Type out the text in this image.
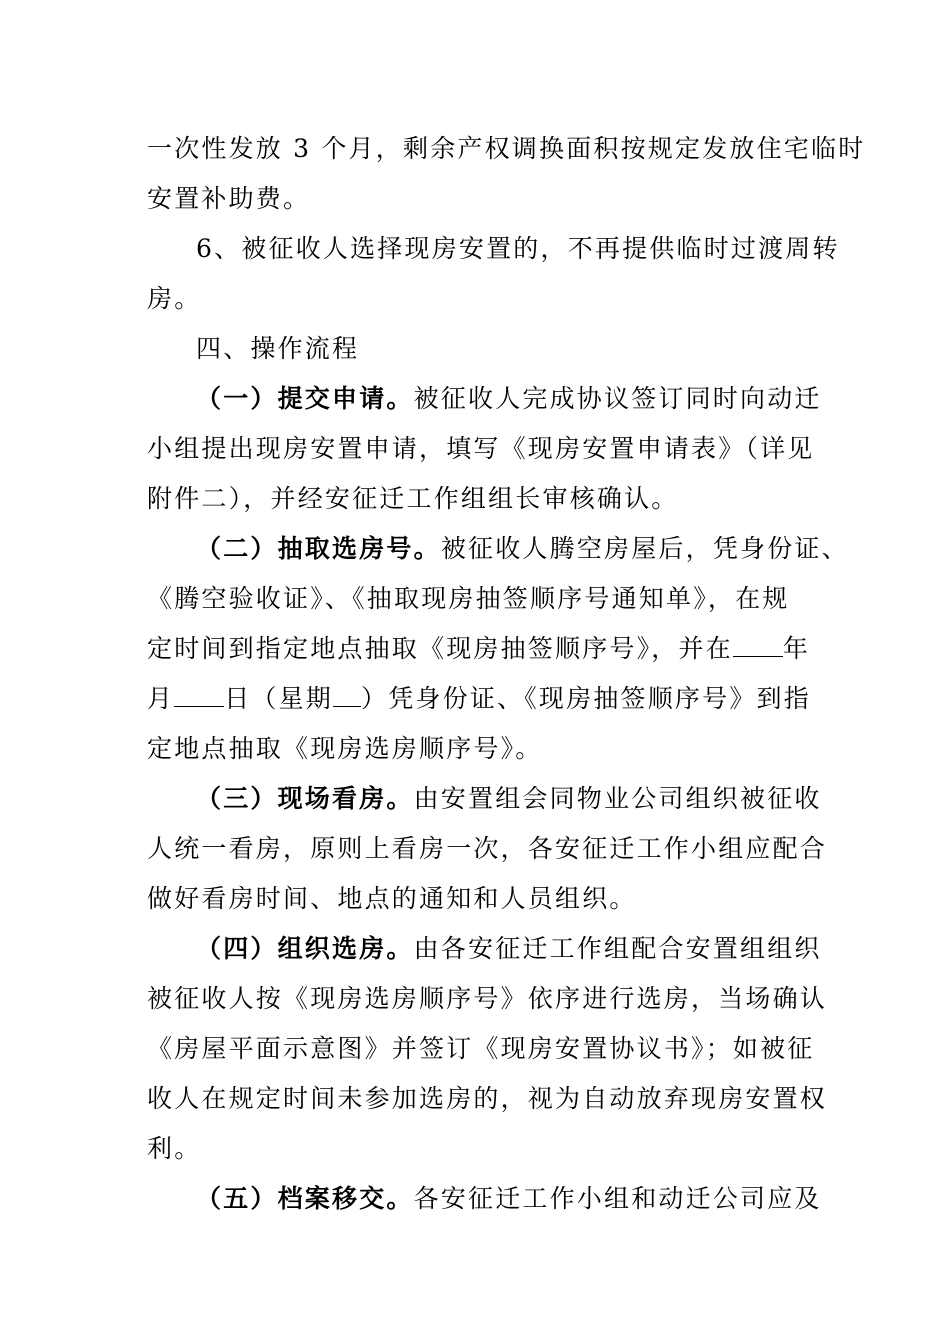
一次性发放 3 个月，剩余产权调换面积按规定发放住宅临时
安置补助费。
6、被征收人选择现房安置的，不再提供临时过渡周转
房。
四、操作流程
（一）提交申请。被征收人完成协议签订同时向动迁
小组提出现房安置申请，填写《现房安置申请表》（详见
附件二），并经安征迁工作组组长审核确认。
（二）抽取选房号。被征收人腾空房屋后，凭身份证、
《腾空验收证》、《抽取现房抽签顺序号通知单》，在规
定时间到指定地点抽取《现房抽签顺序号》，并在 年
月 日（星期 ）凭身份证、《现房抽签顺序号》到指
定地点抽取《现房选房顺序号》。
（三）现场看房。由安置组会同物业公司组织被征收
人统一看房，原则上看房一次，各安征迁工作小组应配合
做好看房时间、地点的通知和人员组织。
（四）组织选房。由各安征迁工作组配合安置组组织
被征收人按《现房选房顺序号》依序进行选房，当场确认
《房屋平面示意图》并签订《现房安置协议书》；如被征
收人在规定时间未参加选房的，视为自动放弃现房安置权
利。
（五）档案移交。各安征迁工作小组和动迁公司应及
